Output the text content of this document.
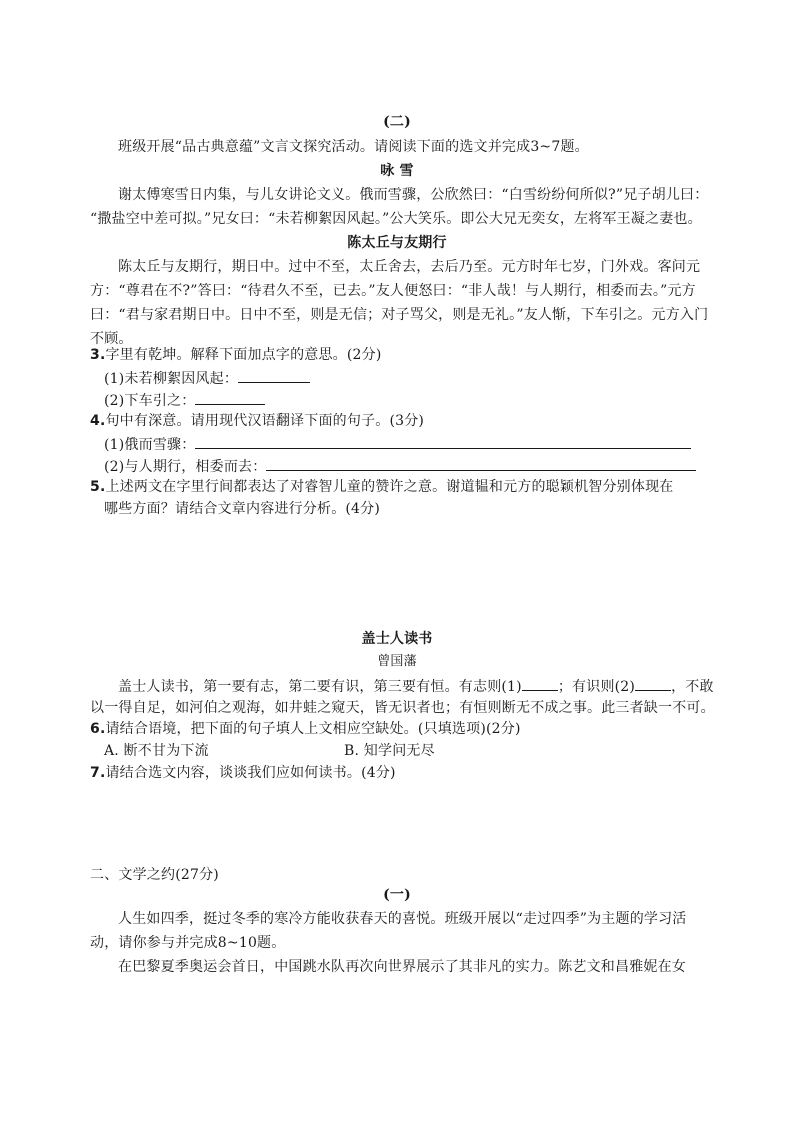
(二)
班级开展“品古典意蕴”文言文探究活动。请阅读下面的选文并完成3~7题。
咏 雪
谢太傅寒雪日内集，与儿女讲论文义。俄而雪骤，公欣然曰：“白雪纷纷何所似?”兄子胡儿曰：
“撒盐空中差可拟。”兄女曰：“未若柳絮因风起。”公大笑乐。即公大兄无奕女，左将军王凝之妻也。
陈太丘与友期行
陈太丘与友期行，期日中。过中不至，太丘舍去，去后乃至。元方时年七岁，门外戏。客问元
方：“尊君在不?”答曰：“待君久不至，已去。”友人便怒曰：“非人哉！与人期行，相委而去。”元方
曰：“君与家君期日中。日中不至，则是无信；对子骂父，则是无礼。”友人惭，下车引之。元方入门
不顾。
3.字里有乾坤。解释下面加点字的意思。(2分)
(1)未若柳絮因风起：
(2)下车引之：
4.句中有深意。请用现代汉语翻译下面的句子。(3分)
(1)俄而雪骤：
(2)与人期行，相委而去：
5.上述两文在字里行间都表达了对睿智儿童的赞许之意。谢道韫和元方的聪颖机智分别体现在
哪些方面？请结合文章内容进行分析。(4分)
盖士人读书
曾国藩
盖士人读书，第一要有志，第二要有识，第三要有恒。有志则(1)	；有识则(2)	，不敢
以一得自足，如河伯之观海，如井蛙之窥天，皆无识者也；有恒则断无不成之事。此三者缺一不可。
6.请结合语境，把下面的句子填人上文相应空缺处。(只填选项)(2分)
A. 断不甘为下流	B. 知学问无尽
7.请结合选文内容，谈谈我们应如何读书。(4分)
二、文学之约(27分)
(一)
人生如四季，挺过冬季的寒冷方能收获春天的喜悦。班级开展以“走过四季”为主题的学习活
动，请你参与并完成8~10题。
在巴黎夏季奥运会首日，中国跳水队再次向世界展示了其非凡的实力。陈艺文和昌雅妮在女
